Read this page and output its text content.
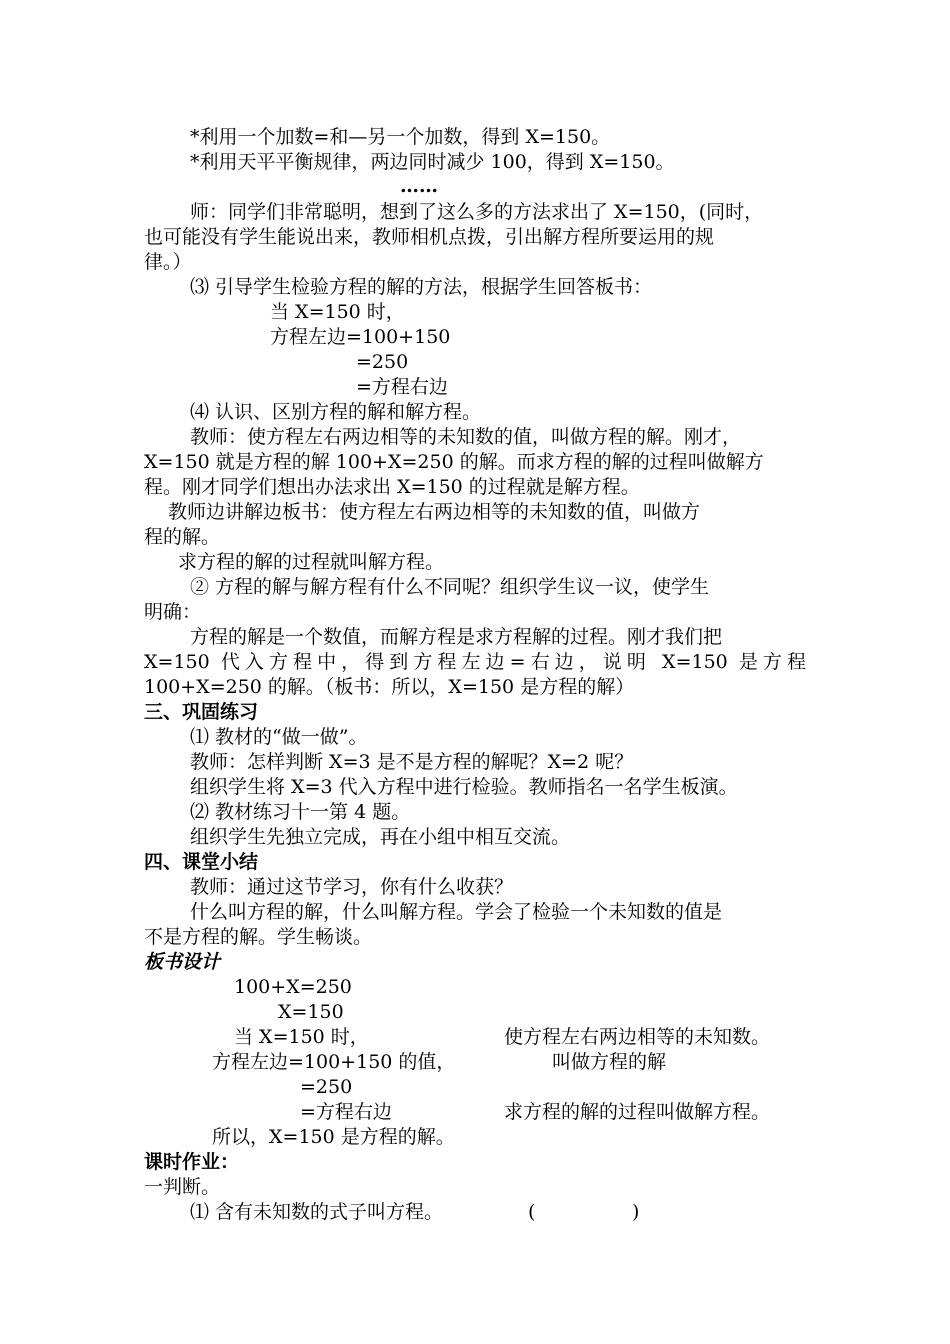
*利用一个加数=和—另一个加数，得到 X=150。
*利用天平平衡规律，两边同时减少 100，得到 X=150。
……
师：同学们非常聪明，想到了这么多的方法求出了 X=150，(同时，
也可能没有学生能说出来，教师相机点拨，引出解方程所要运用的规
律。）
⑶ 引导学生检验方程的解的方法，根据学生回答板书：
当 X=150 时，
方程左边=100+150
=250
=方程右边
⑷ 认识、区别方程的解和解方程。
教师：使方程左右两边相等的未知数的值，叫做方程的解。刚才，
X=150 就是方程的解 100+X=250 的解。而求方程的解的过程叫做解方
程。刚才同学们想出办法求出 X=150 的过程就是解方程。
教师边讲解边板书：使方程左右两边相等的未知数的值，叫做方
程的解。
求方程的解的过程就叫解方程。
② 方程的解与解方程有什么不同呢？组织学生议一议，使学生
明确：
方程的解是一个数值，而解方程是求方程解的过程。刚才我们把
X=150 代入方程中，得到方程左边=右边，说明 X=150 是方程
100+X=250 的解。（板书：所以，X=150 是方程的解）
三、巩固练习
⑴ 教材的“做一做”。
教师：怎样判断 X=3 是不是方程的解呢？X=2 呢？
组织学生将 X=3 代入方程中进行检验。教师指名一名学生板演。
⑵ 教材练习十一第 4 题。
组织学生先独立完成，再在小组中相互交流。
四、课堂小结
教师：通过这节学习，你有什么收获？
什么叫方程的解，什么叫解方程。学会了检验一个未知数的值是
不是方程的解。学生畅谈。
板书设计
100+X=250
X=150
当 X=150 时，	使方程左右两边相等的未知数。
方程左边=100+150 的值，	叫做方程的解
=250
=方程右边	求方程的解的过程叫做解方程。
所以，X=150 是方程的解。
课时作业：
一判断。
⑴ 含有未知数的式子叫方程。	(	)
